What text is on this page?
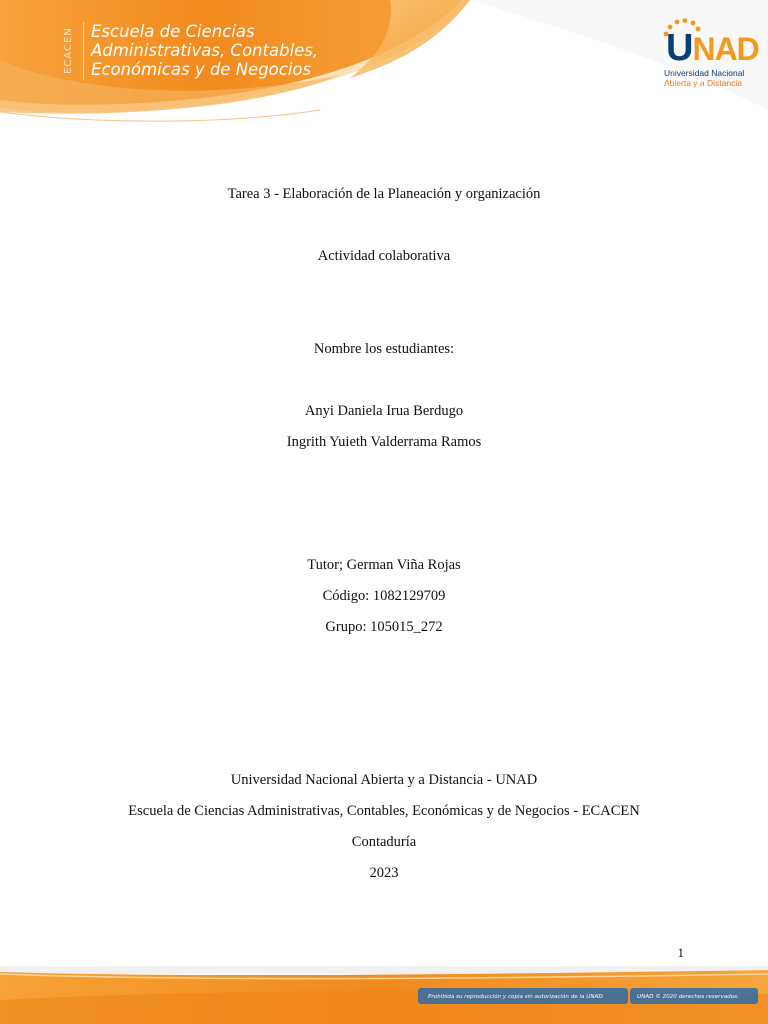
ECACEN	Escuela de Ciencias
Administrativas, Contables,
Económicas y de Negocios
UNAD
Universidad Nacional
Abierta y a Distancia
Tarea 3 - Elaboración de la Planeación y organización
Actividad colaborativa
Nombre los estudiantes:
Anyi Daniela Irua Berdugo
Ingrith Yuieth Valderrama Ramos
Tutor; German Viña Rojas
Código: 1082129709
Grupo: 105015_272
Universidad Nacional Abierta y a Distancia - UNAD
Escuela de Ciencias Administrativas, Contables, Económicas y de Negocios - ECACEN
Contaduría
2023
1
Prohibida su reproducción y copia sin autorización de la UNAD.	UNAD © 2020 derechos reservados.
